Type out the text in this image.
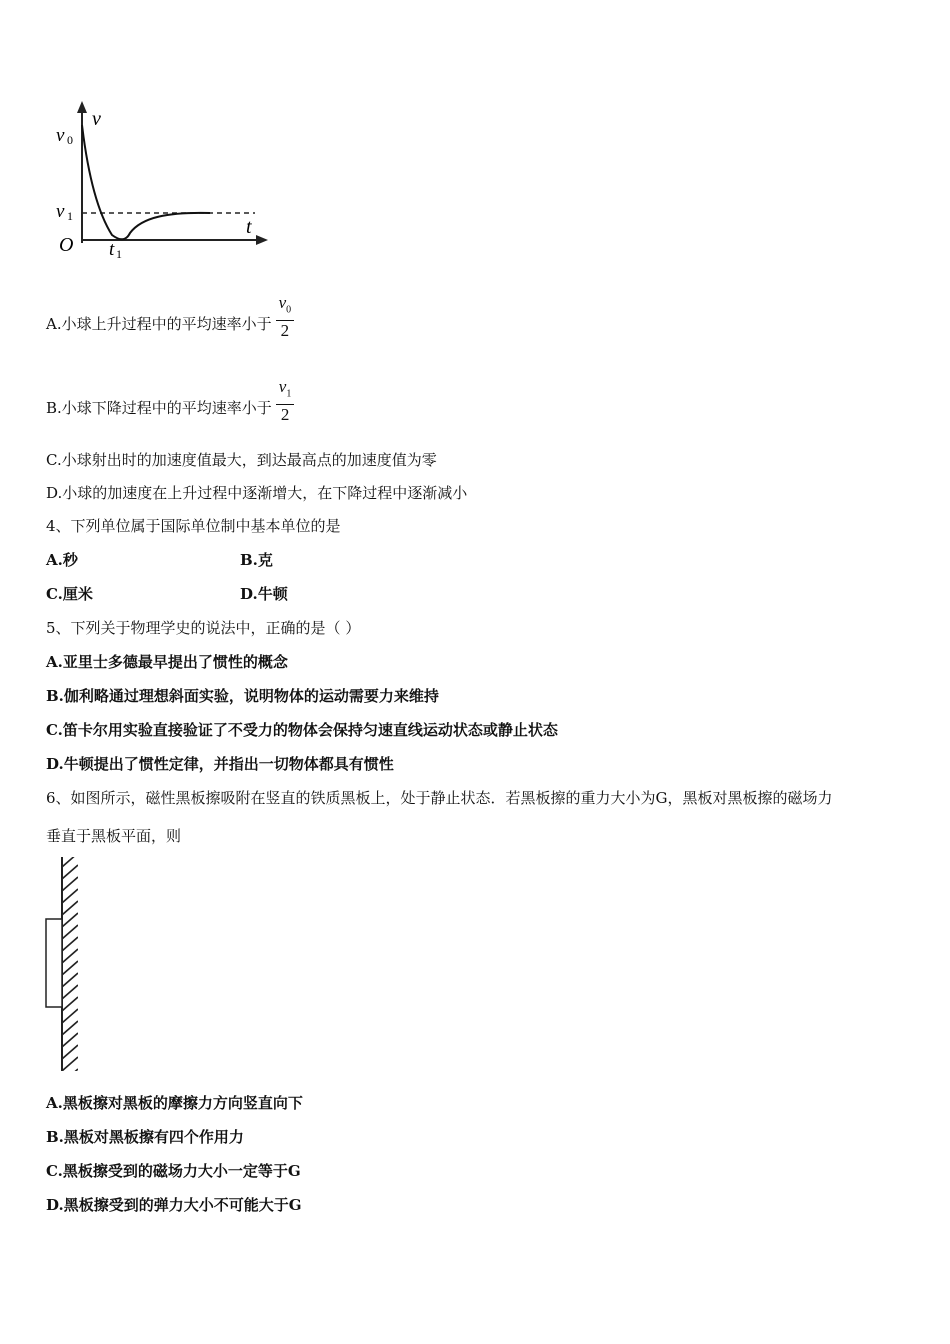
v
v 0
v 1
O
t
t 1
A.小球上升过程中的平均速率小于 $\frac{v_0}{2}$
B.小球下降过程中的平均速率小于 $\frac{v_1}{2}$
C.小球射出时的加速度值最大，到达最高点的加速度值为零
D.小球的加速度在上升过程中逐渐增大，在下降过程中逐渐减小
4、下列单位属于国际单位制中基本单位的是
A.秒	B.克
C.厘米	D.牛顿
5、下列关于物理学史的说法中，正确的是（ ）
A.亚里士多德最早提出了惯性的概念
B.伽利略通过理想斜面实验，说明物体的运动需要力来维持
C.笛卡尔用实验直接验证了不受力的物体会保持匀速直线运动状态或静止状态
D.牛顿提出了惯性定律，并指出一切物体都具有惯性
6、如图所示，磁性黑板擦吸附在竖直的铁质黑板上，处于静止状态．若黑板擦的重力大小为G，黑板对黑板擦的磁场力
垂直于黑板平面，则
A.黑板擦对黑板的摩擦力方向竖直向下
B.黑板对黑板擦有四个作用力
C.黑板擦受到的磁场力大小一定等于G
D.黑板擦受到的弹力大小不可能大于G
